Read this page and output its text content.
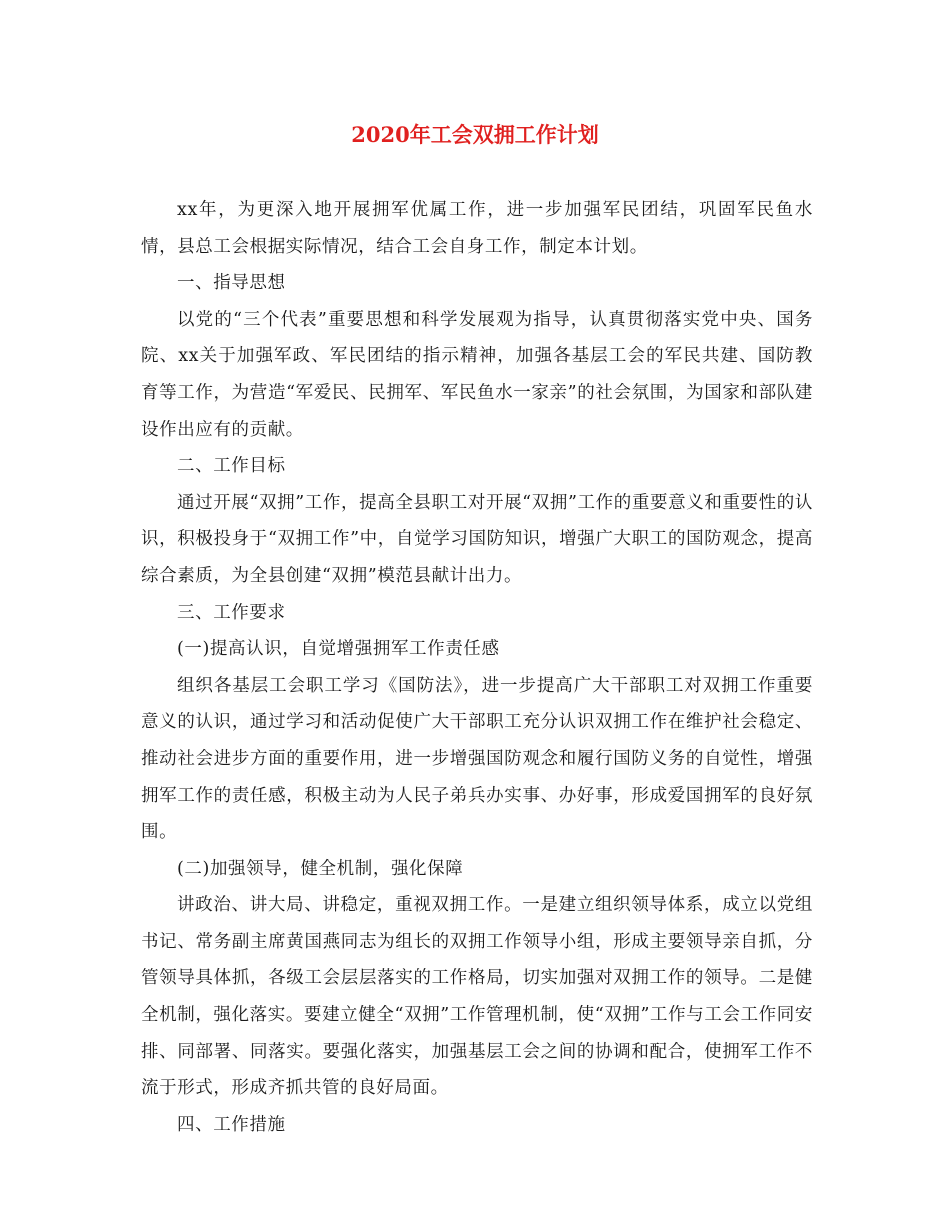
2020年工会双拥工作计划

xx年，为更深入地开展拥军优属工作，进一步加强军民团结，巩固军民鱼水情，县总工会根据实际情况，结合工会自身工作，制定本计划。

一、指导思想

以党的“三个代表”重要思想和科学发展观为指导，认真贯彻落实党中央、国务院、xx关于加强军政、军民团结的指示精神，加强各基层工会的军民共建、国防教育等工作，为营造“军爱民、民拥军、军民鱼水一家亲”的社会氛围，为国家和部队建设作出应有的贡献。

二、工作目标

通过开展“双拥”工作，提高全县职工对开展“双拥”工作的重要意义和重要性的认识，积极投身于“双拥工作”中，自觉学习国防知识，增强广大职工的国防观念，提高综合素质，为全县创建“双拥”模范县献计出力。

三、工作要求

(一)提高认识，自觉增强拥军工作责任感

组织各基层工会职工学习《国防法》，进一步提高广大干部职工对双拥工作重要意义的认识，通过学习和活动促使广大干部职工充分认识双拥工作在维护社会稳定、推动社会进步方面的重要作用，进一步增强国防观念和履行国防义务的自觉性，增强拥军工作的责任感，积极主动为人民子弟兵办实事、办好事，形成爱国拥军的良好氛围。

(二)加强领导，健全机制，强化保障

讲政治、讲大局、讲稳定，重视双拥工作。一是建立组织领导体系，成立以党组书记、常务副主席黄国燕同志为组长的双拥工作领导小组，形成主要领导亲自抓，分管领导具体抓，各级工会层层落实的工作格局，切实加强对双拥工作的领导。二是健全机制，强化落实。要建立健全“双拥”工作管理机制，使“双拥”工作与工会工作同安排、同部署、同落实。要强化落实，加强基层工会之间的协调和配合，使拥军工作不流于形式，形成齐抓共管的良好局面。

四、工作措施
